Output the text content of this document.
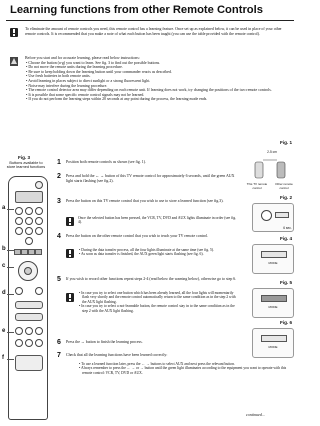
Learning functions from other Remote Controls
To eliminate the amount of remote controls you need, this remote control has a learning feature. Once set up as explained below, it can be used in place of your other remote controls. It is recommended that you make a note of what each button has been taught (you can use the table provided with the remote control).
Before you start and for accurate learning, please read below instructions:
• Choose the button (a-g) you want to learn. See fig. 3 to find out the possible buttons.
• Do not move the remote units during the learning procedure.
• Be sure to keep holding down the learning button until your commander reacts as described.
• Use fresh batteries in both remote units.
• Avoid learning in places subject to direct sunlight or a strong fluorescent light.
• Noise may interfere during the learning procedure.
• The remote control detector area may differ depending on each remote unit. If learning does not work, try changing the positions of the two remote controls.
• It is possible that some specific remote control signals may not be learned.
• If you do not perform the learning steps within 20 seconds at any point during the process, the learning mode ends.
Fig. 3
Buttons available to store learned functions
a
b
c
d
e
f
1 Position both remote controls as shown (see fig. 1).
2 Press and hold the ← → button of this TV remote control for approximately 6 seconds, until the green AUX light starts flashing (see fig.2).
3 Press the button on this TV remote control that you wish to use to store a learned function (see fig.3).
Once the selected button has been pressed, the VCR, TV, DVD and AUX lights illuminate in order (see fig. 4).
4 Press the button on the other remote control that you wish to teach your TV remote control.
• During the data transfer process, all the four lights illuminate at the same time (see fig. 5).
• As soon as data transfer is finished, the AUX green light starts flashing (see fig. 6).
5 If you wish to record other functions repeat steps 2-4 (read below the warning below), otherwise go to step 6.
• In case you try to select one button which has been already learned, all the four lights will momentarily flash very shortly and the remote control automatically return to the same condition as in the step 2 with the AUX light flashing.
• In case you try to select a not-learnable button, the remote control stay in to the same condition as in the step 2 with the AUX light flashing.
6 Press the → button to finish the learning process.
7 Check that all the learning functions have been learned correctly:
• To use a learned function later, press the ← → buttons to select AUX and next press the relevant button.
• Always remember to press the ← → or → button until the green light illuminates according to the equipment you want to operate with this remote control: VCR, TV, DVD or AUX.
continued...
Fig. 1
2-5 cm
This TV remote control
Other remote control
Fig. 2
6 sec.
Fig. 4
MODE
Fig. 5
MODE
Fig. 6
MODE
